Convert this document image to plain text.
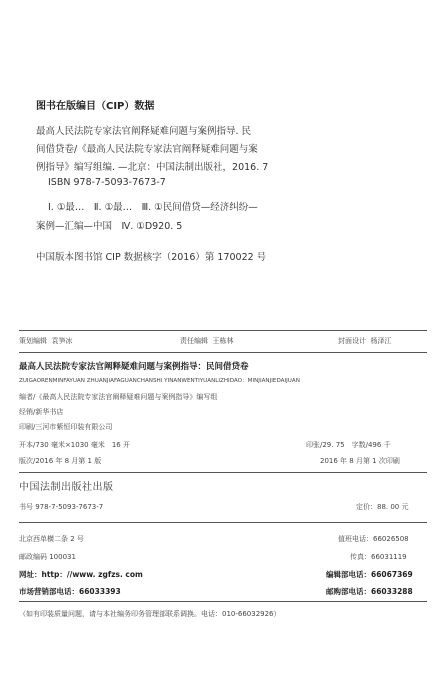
图书在版编目（CIP）数据
最高人民法院专家法官阐释疑难问题与案例指导. 民
间借贷卷/《最高人民法院专家法官阐释疑难问题与案
例指导》编写组编. —北京：中国法制出版社，2016. 7
ISBN 978-7-5093-7673-7
Ⅰ. ①最…　Ⅱ. ①最…　Ⅲ. ①民间借贷—经济纠纷—
案例—汇编—中国　Ⅳ. ①D920. 5
中国版本图书馆 CIP 数据核字（2016）第 170022 号
策划编辑 袁笋冰	责任编辑 王栋林	封面设计 杨泽江
最高人民法院专家法官阐释疑难问题与案例指导：民间借贷卷
ZUIGAORENMINFAYUAN ZHUANJIAFAGUANCHANSHI YINANWENTIYUANLIZHIDAO：MINJIANJIEDAIJUAN
编者/《最高人民法院专家法官阐释疑难问题与案例指导》编写组
经销/新华书店
印刷/三河市紫恒印装有限公司
开本/730 毫米×1030 毫米　16 开	印张/29. 75　字数/496 千
版次/2016 年 8 月第 1 版	2016 年 8 月第 1 次印刷
中国法制出版社出版
书号 978-7-5093-7673-7	定价：88. 00 元
北京西单横二条 2 号	值班电话：66026508
邮政编码 100031	传真：66031119
网址：http：//www. zgfzs. com	编辑部电话：66067369
市场营销部电话：66033393	邮购部电话：66033288
（如有印装质量问题，请与本社编务印务管理部联系调换。电话：010-66032926）
